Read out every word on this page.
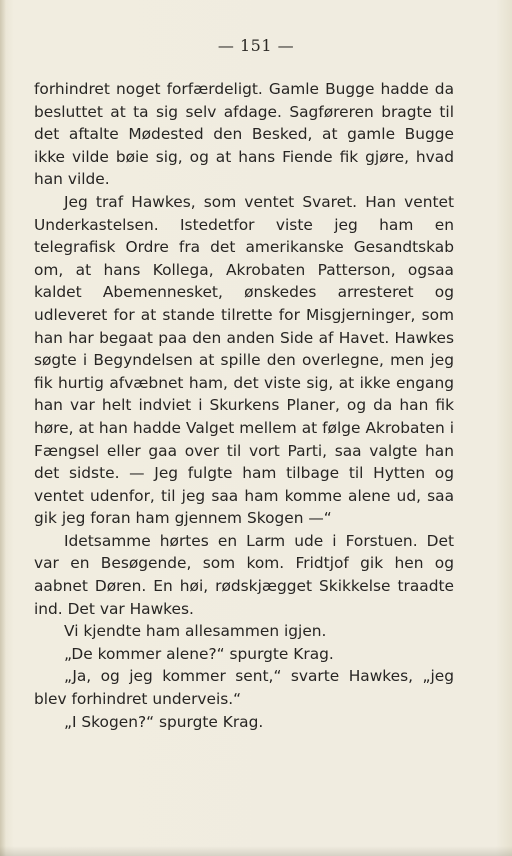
— 151 —

forhindret noget forfærdeligt. Gamle Bugge hadde da besluttet at ta sig selv afdage. Sagføreren bragte til det aftalte Mødested den Besked, at gamle Bugge ikke vilde bøie sig, og at hans Fiende fik gjøre, hvad han vilde.

Jeg traf Hawkes, som ventet Svaret. Han ventet Underkastelsen. Istedetfor viste jeg ham en telegrafisk Ordre fra det amerikanske Gesandtskab om, at hans Kollega, Akrobaten Patterson, ogsaa kaldet Abemennesket, ønskedes arresteret og udleveret for at stande tilrette for Misgjerninger, som han har begaat paa den anden Side af Havet. Hawkes søgte i Begyndelsen at spille den overlegne, men jeg fik hurtig afvæbnet ham, det viste sig, at ikke engang han var helt indviet i Skurkens Planer, og da han fik høre, at han hadde Valget mellem at følge Akrobaten i Fængsel eller gaa over til vort Parti, saa valgte han det sidste. — Jeg fulgte ham tilbage til Hytten og ventet udenfor, til jeg saa ham komme alene ud, saa gik jeg foran ham gjennem Skogen —“

Idetsamme hørtes en Larm ude i Forstuen. Det var en Besøgende, som kom. Fridtjof gik hen og aabnet Døren. En høi, rødskjægget Skikkelse traadte ind. Det var Hawkes.

Vi kjendte ham allesammen igjen.

„De kommer alene?“ spurgte Krag.

„Ja, og jeg kommer sent,“ svarte Hawkes, „jeg blev forhindret underveis.“

„I Skogen?“ spurgte Krag.
